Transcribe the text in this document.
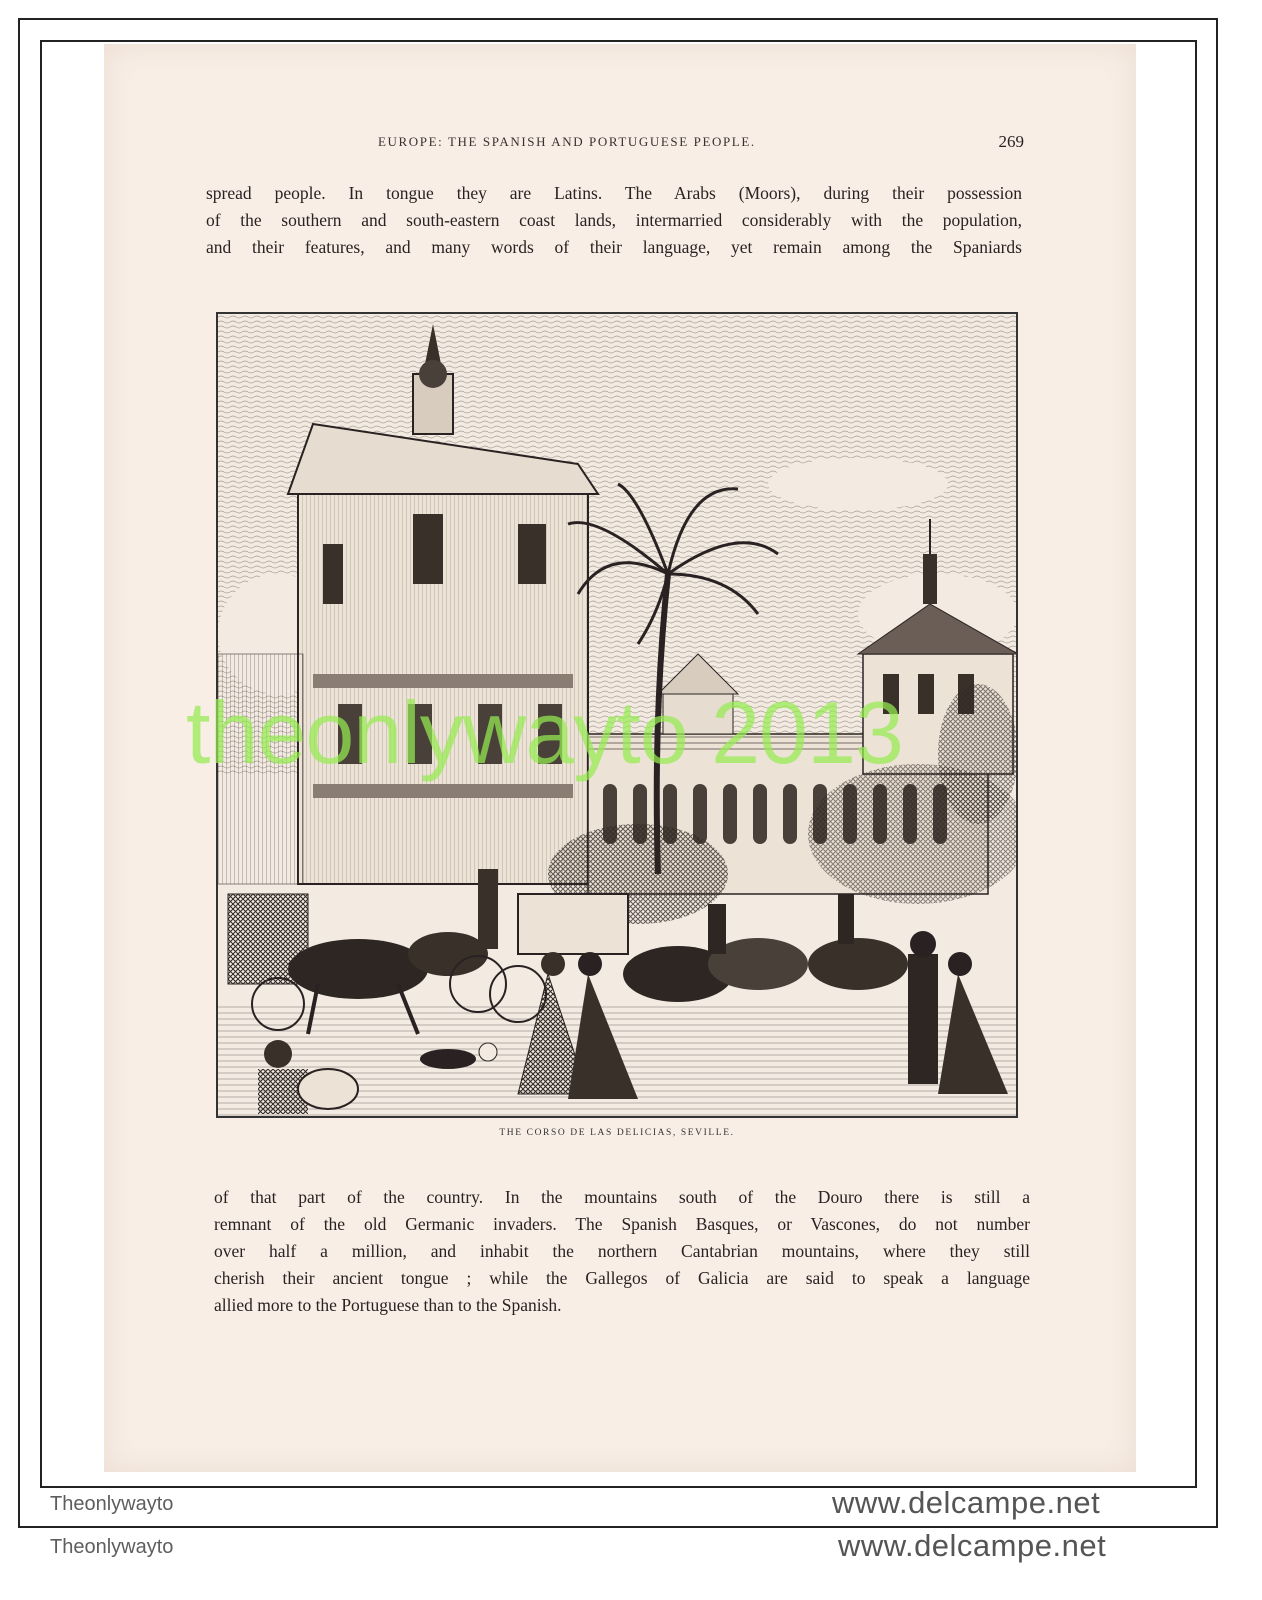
EUROPE: THE SPANISH AND PORTUGUESE PEOPLE.	269
spread people. In tongue they are Latins. The Arabs (Moors), during their possession
of the southern and south-eastern coast lands, intermarried considerably with the population,
and their features, and many words of their language, yet remain among the Spaniards
THE CORSO DE LAS DELICIAS, SEVILLE.
of that part of the country. In the mountains south of the Douro there is still a
remnant of the old Germanic invaders. The Spanish Basques, or Vascones, do not number
over half a million, and inhabit the northern Cantabrian mountains, where they still
cherish their ancient tongue ; while the Gallegos of Galicia are said to speak a language
allied more to the Portuguese than to the Spanish.
theonlywayto 2013
Theonlywayto
Theonlywayto
www.delcampe.net
www.delcampe.net
